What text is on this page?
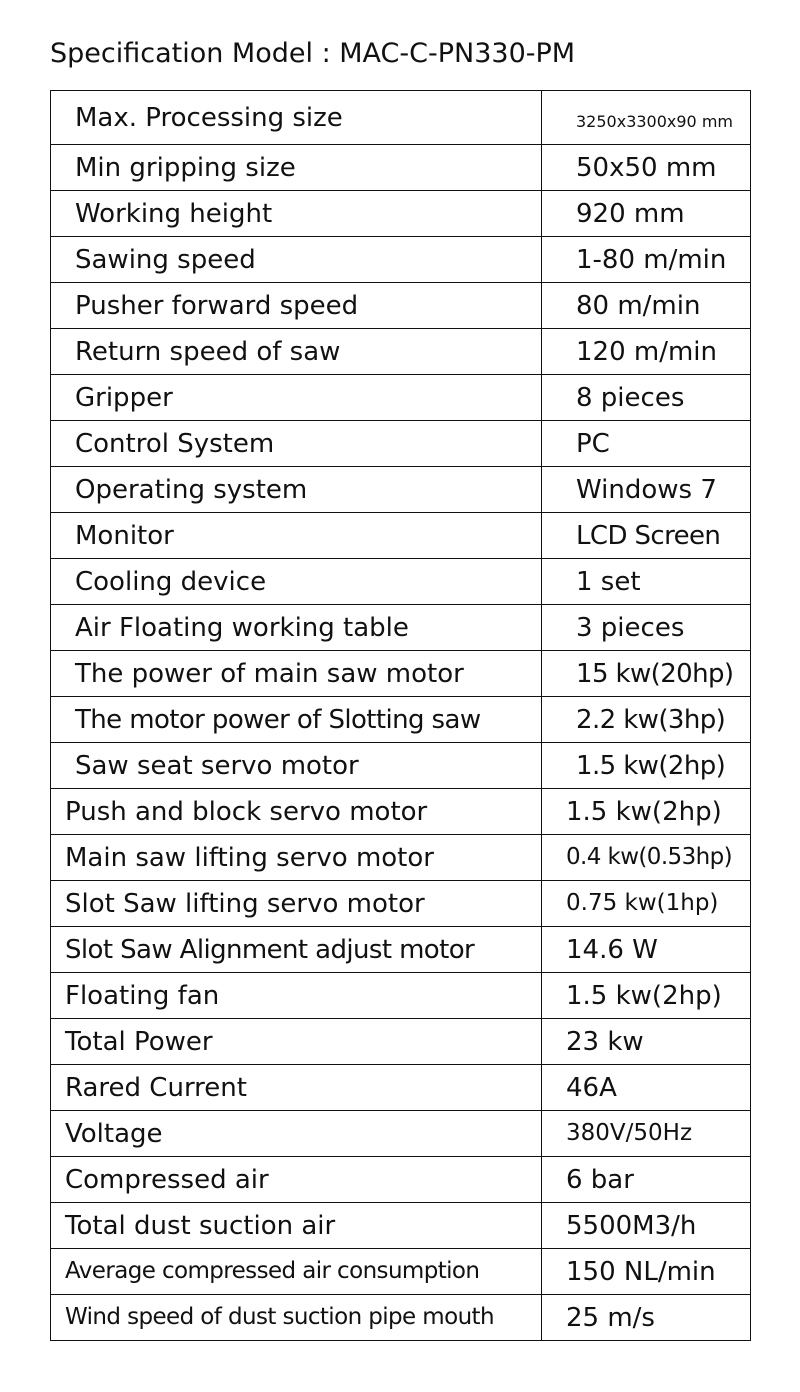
Specification Model : MAC-C-PN330-PM
Max. Processing size	3250x3300x90 mm
Min gripping size	50x50 mm
Working height	920 mm
Sawing speed	1-80 m/min
Pusher forward speed	80 m/min
Return speed of saw	120 m/min
Gripper	8 pieces
Control System	PC
Operating system	Windows 7
Monitor	LCD Screen
Cooling device	1 set
Air Floating working table	3 pieces
The power of main saw motor	15 kw(20hp)
The motor power of Slotting saw	2.2 kw(3hp)
Saw seat servo motor	1.5 kw(2hp)
Push and block servo motor	1.5 kw(2hp)
Main saw lifting servo motor	0.4 kw(0.53hp)
Slot Saw lifting servo motor	0.75 kw(1hp)
Slot Saw Alignment adjust motor	14.6 W
Floating fan	1.5 kw(2hp)
Total Power	23 kw
Rared Current	46A
Voltage	380V/50Hz
Compressed air	6 bar
Total dust suction air	5500M3/h
Average compressed air consumption	150 NL/min
Wind speed of dust suction pipe mouth	25 m/s
